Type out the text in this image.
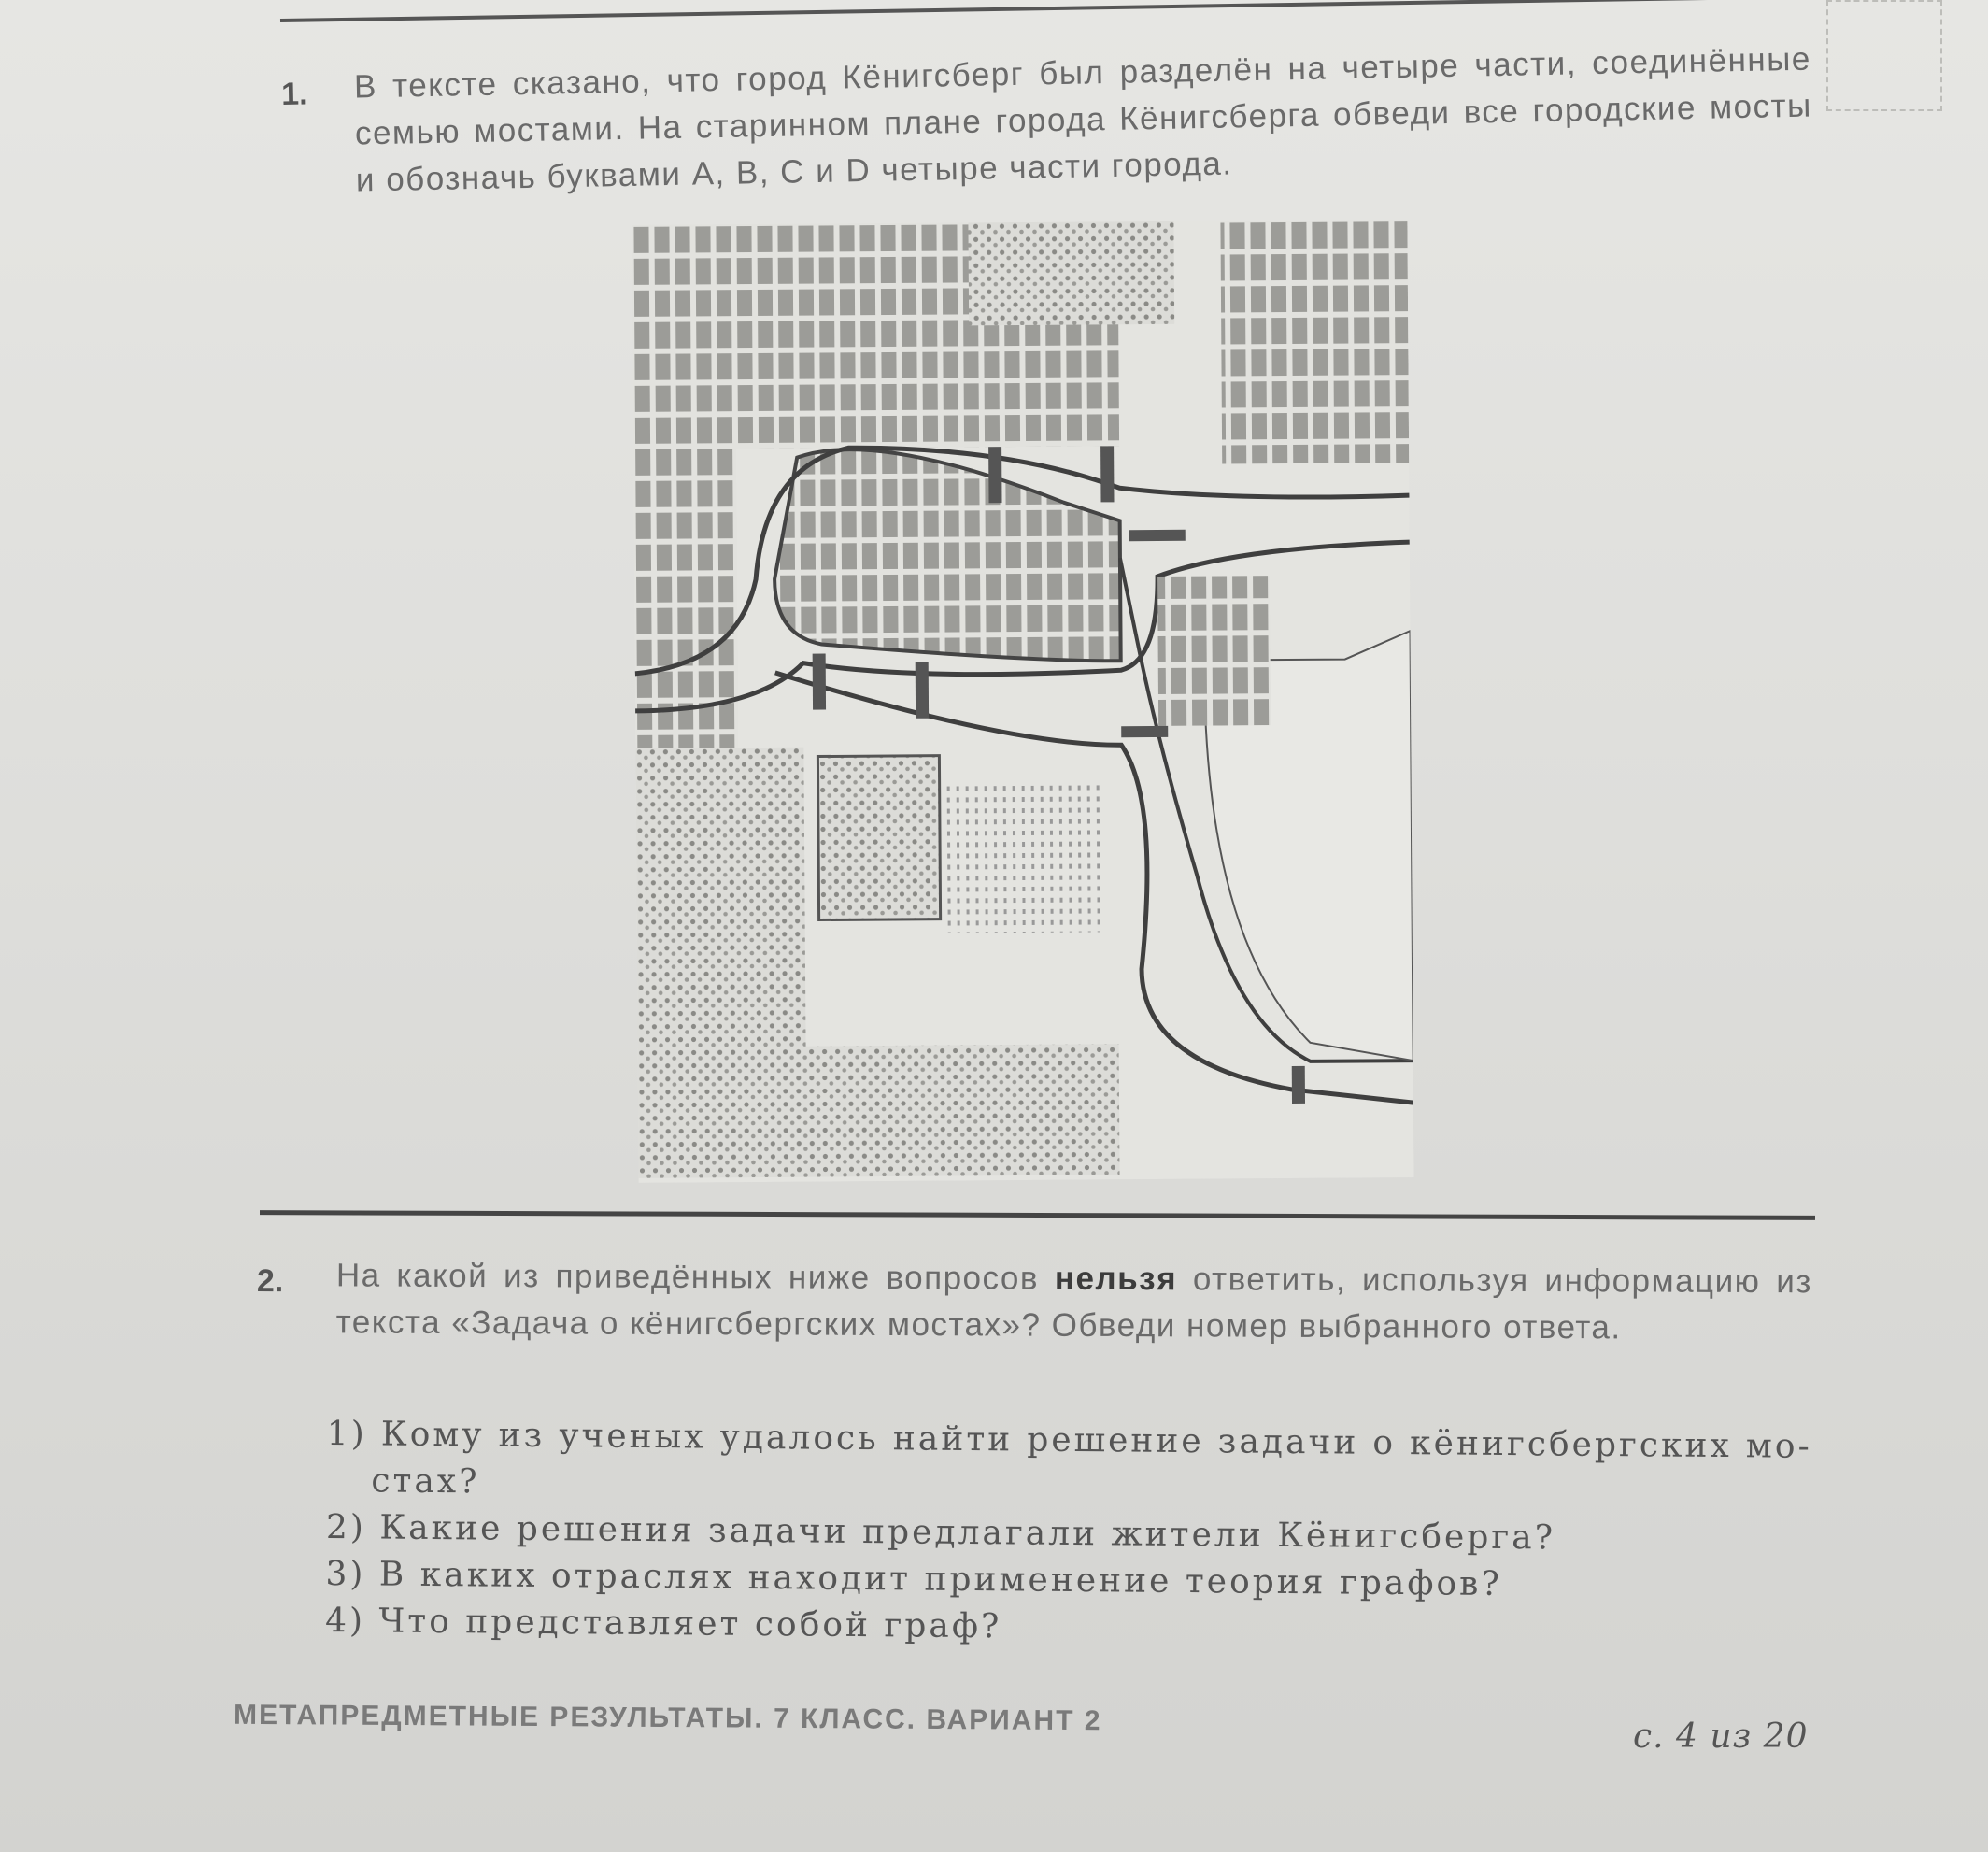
1. В тексте сказано, что город Кёнигсберг был разделён на четыре части, соединённые семью мостами. На старинном плане города Кёнигсберга обведи все городские мосты и обозначь буквами A, B, C и D четыре части города.
2. На какой из приведённых ниже вопросов нельзя ответить, используя информацию из текста «Задача о кёнигсбергских мостах»? Обведи номер выбранного ответа.
1) Кому из ученых удалось найти решение задачи о кёнигсбергских мо-
стах?
2) Какие решения задачи предлагали жители Кёнигсберга?
3) В каких отраслях находит применение теория графов?
4) Что представляет собой граф?
МЕТАПРЕДМЕТНЫЕ РЕЗУЛЬТАТЫ. 7 КЛАСС. ВАРИАНТ 2	с. 4 из 20
